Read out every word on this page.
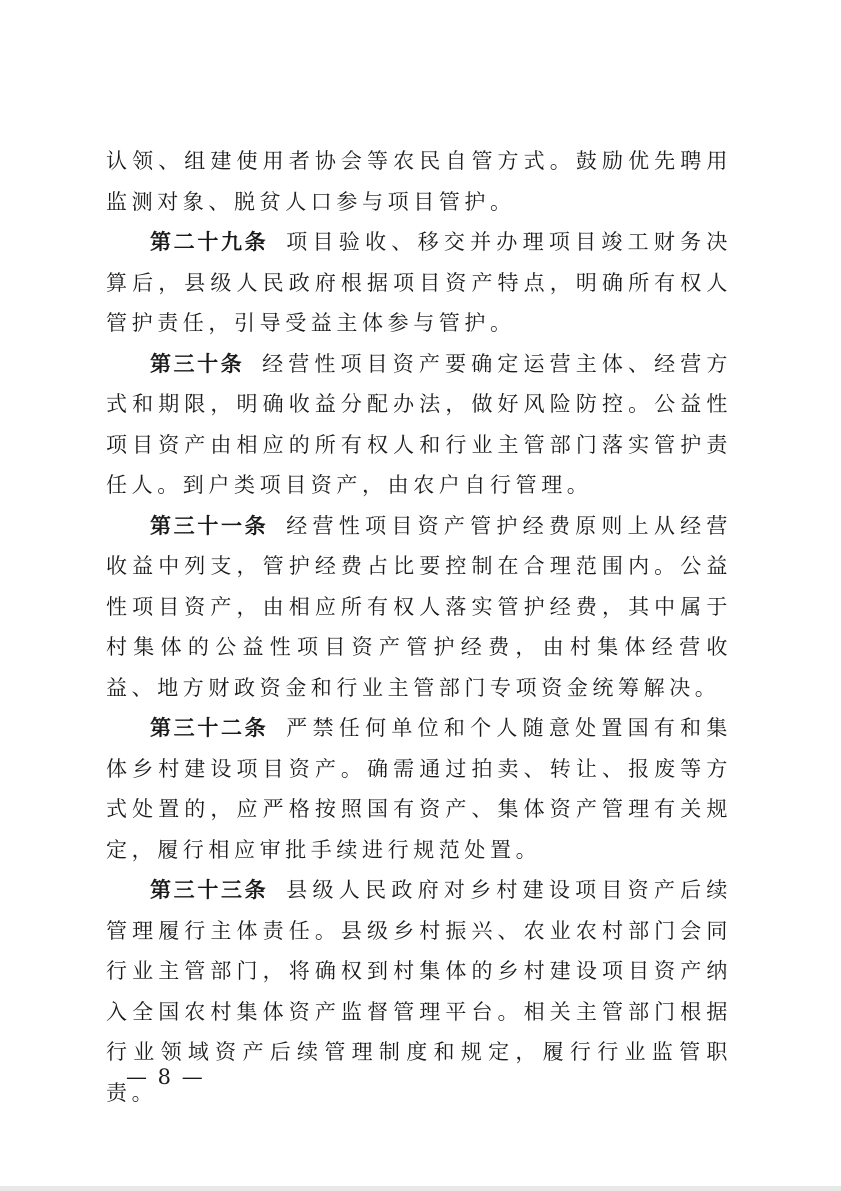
认领、组建使用者协会等农民自管方式。鼓励优先聘用监测对象、脱贫人口参与项目管护。

第二十九条 项目验收、移交并办理项目竣工财务决算后，县级人民政府根据项目资产特点，明确所有权人管护责任，引导受益主体参与管护。

第三十条 经营性项目资产要确定运营主体、经营方式和期限，明确收益分配办法，做好风险防控。公益性项目资产由相应的所有权人和行业主管部门落实管护责任人。到户类项目资产，由农户自行管理。

第三十一条 经营性项目资产管护经费原则上从经营收益中列支，管护经费占比要控制在合理范围内。公益性项目资产，由相应所有权人落实管护经费，其中属于村集体的公益性项目资产管护经费，由村集体经营收益、地方财政资金和行业主管部门专项资金统筹解决。

第三十二条 严禁任何单位和个人随意处置国有和集体乡村建设项目资产。确需通过拍卖、转让、报废等方式处置的，应严格按照国有资产、集体资产管理有关规定，履行相应审批手续进行规范处置。

第三十三条 县级人民政府对乡村建设项目资产后续管理履行主体责任。县级乡村振兴、农业农村部门会同行业主管部门，将确权到村集体的乡村建设项目资产纳入全国农村集体资产监督管理平台。相关主管部门根据行业领域资产后续管理制度和规定，履行行业监管职责。

— 8 —
